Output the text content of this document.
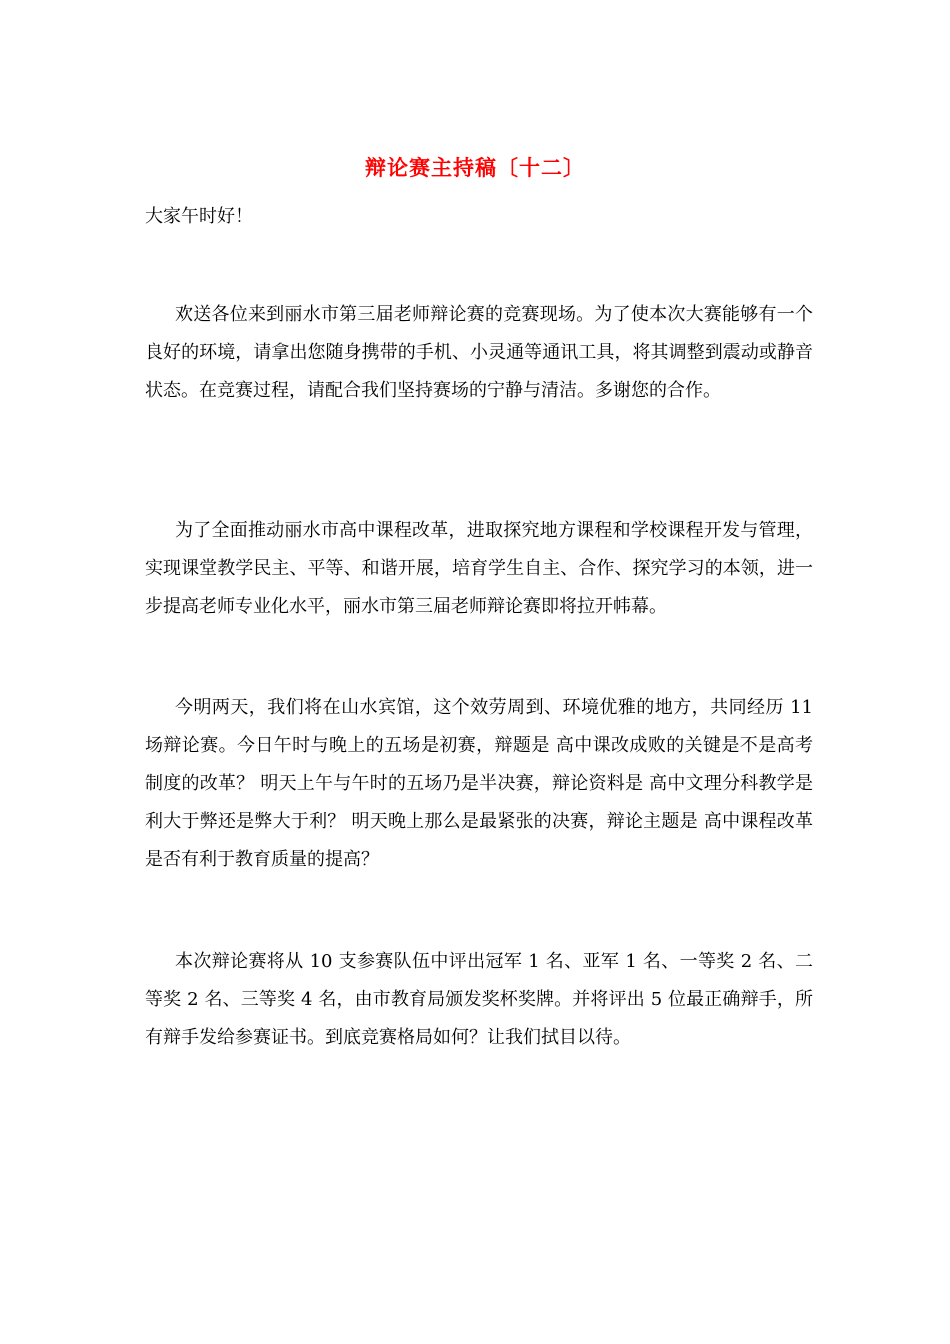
辩论赛主持稿〔十二〕

大家午时好！

欢送各位来到丽水市第三届老师辩论赛的竞赛现场。为了使本次大赛能够有一个良好的环境，请拿出您随身携带的手机、小灵通等通讯工具，将其调整到震动或静音状态。在竞赛过程，请配合我们坚持赛场的宁静与清洁。多谢您的合作。

为了全面推动丽水市高中课程改革，进取探究地方课程和学校课程开发与管理，实现课堂教学民主、平等、和谐开展，培育学生自主、合作、探究学习的本领，进一步提高老师专业化水平，丽水市第三届老师辩论赛即将拉开帏幕。

今明两天，我们将在山水宾馆，这个效劳周到、环境优雅的地方，共同经历 11 场辩论赛。今日午时与晚上的五场是初赛，辩题是 高中课改成败的关键是不是高考制度的改革？ 明天上午与午时的五场乃是半决赛，辩论资料是 高中文理分科教学是利大于弊还是弊大于利？ 明天晚上那么是最紧张的决赛，辩论主题是 高中课程改革是否有利于教育质量的提高？

本次辩论赛将从 10 支参赛队伍中评出冠军 1 名、亚军 1 名、一等奖 2 名、二等奖 2 名、三等奖 4 名，由市教育局颁发奖杯奖牌。并将评出 5 位最正确辩手，所有辩手发给参赛证书。到底竞赛格局如何？让我们拭目以待。
